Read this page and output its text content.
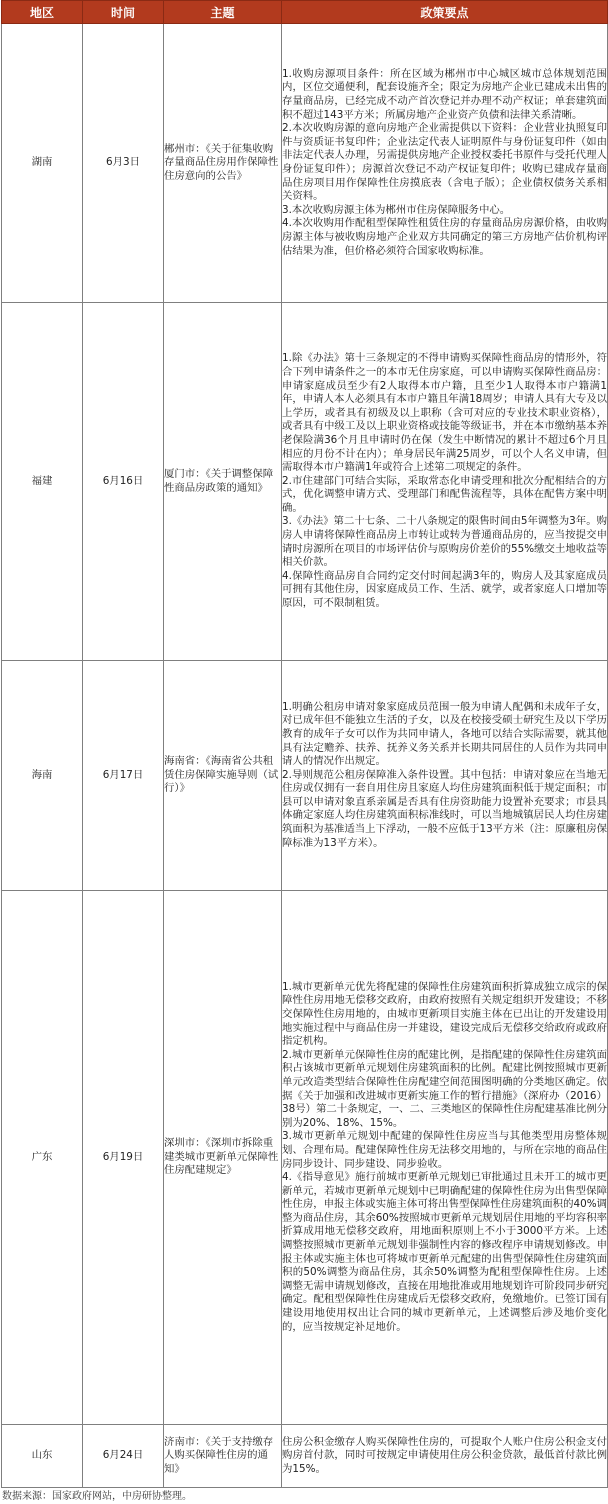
地区	时间	主题	政策要点
湖南	6月3日	郴州市：《关于征集收购存量商品住房用作保障性住房意向的公告》	1.收购房源项目条件：所在区域为郴州市中心城区城市总体规划范围内，区位交通便利，配套设施齐全；限定为房地产企业已建成未出售的存量商品房，已经完成不动产首次登记并办理不动产权证；单套建筑面积不超过143平方米；所属房地产企业资产负债和法律关系清晰。

2.本次收购房源的意向房地产企业需提供以下资料：企业营业执照复印件与资质证书复印件；企业法定代表人证明原件与身份证复印件（如由非法定代表人办理，另需提供房地产企业授权委托书原件与受托代理人身份证复印件）；房源首次登记不动产权证复印件；收购已建成存量商品住房项目用作保障性住房摸底表（含电子版）；企业债权债务关系相关资料。

3.本次收购房源主体为郴州市住房保障服务中心。

4.本次收购用作配租型保障性租赁住房的存量商品房房源价格，由收购房源主体与被收购房地产企业双方共同确定的第三方房地产估价机构评估结果为准，但价格必须符合国家收购标准。

福建	6月16日	厦门市：《关于调整保障性商品房政策的通知》	1.除《办法》第十三条规定的不得申请购买保障性商品房的情形外，符合下列申请条件之一的本市无住房家庭，可以申请购买保障性商品房：申请家庭成员至少有2人取得本市户籍，且至少1人取得本市户籍满1年，申请人本人必须具有本市户籍且年满18周岁；申请人具有大专及以上学历，或者具有初级及以上职称（含可对应的专业技术职业资格），或者具有中级工及以上职业资格或技能等级证书，并在本市缴纳基本养老保险满36个月且申请时仍在保（发生中断情况的累计不超过6个月且相应的月份不计在内）；单身居民年满25周岁，可以个人名义申请，但需取得本市户籍满1年或符合上述第二项规定的条件。

2.市住建部门可结合实际，采取常态化申请受理和批次分配相结合的方式，优化调整申请方式、受理部门和配售流程等，具体在配售方案中明确。

3.《办法》第二十七条、二十八条规定的限售时间由5年调整为3年。购房人申请将保障性商品房上市转让或转为普通商品房的，应当按提交申请时房源所在项目的市场评估价与原购房价差价的55%缴交土地收益等相关价款。

4.保障性商品房自合同约定交付时间起满3年的，购房人及其家庭成员可拥有其他住房，因家庭成员工作、生活、就学，或者家庭人口增加等原因，可不限制租赁。

海南	6月17日	海南省：《海南省公共租赁住房保障实施导则（试行）》	1.明确公租房申请对象家庭成员范围一般为申请人配偶和未成年子女，对已成年但不能独立生活的子女，以及在校接受硕士研究生及以下学历教育的成年子女可以作为共同申请人，各地可以结合实际需要，就其他具有法定赡养、扶养、抚养义务关系并长期共同居住的人员作为共同申请人的情况作出规定。

2.导则规范公租房保障准入条件设置。其中包括：申请对象应在当地无住房或仅拥有一套自用住房且家庭人均住房建筑面积低于规定面积；市县可以申请对象直系亲属是否具有住房资助能力设置补充要求；市县具体确定家庭人均住房建筑面积标准线时，可以当地城镇居民人均住房建筑面积为基准适当上下浮动，一般不应低于13平方米（注：原廉租房保障标准为13平方米）。

广东	6月19日	深圳市：《深圳市拆除重建类城市更新单元保障性住房配建规定》	1.城市更新单元优先将配建的保障性住房建筑面积折算成独立成宗的保障性住房用地无偿移交政府，由政府按照有关规定组织开发建设；不移交保障性住房用地的，由城市更新项目实施主体在已出让的开发建设用地实施过程中与商品住房一并建设，建设完成后无偿移交给政府或政府指定机构。

2.城市更新单元保障性住房的配建比例，是指配建的保障性住房建筑面积占该城市更新单元规划住房建筑面积的比例。配建比例按照城市更新单元改造类型结合保障性住房配建空间范围图明确的分类地区确定。依据《关于加强和改进城市更新实施工作的暂行措施》（深府办（2016）38号）第二十条规定，一、二、三类地区的保障性住房配建基准比例分别为20%、18%、15%。

3.城市更新单元规划中配建的保障性住房应当与其他类型用房整体规划、合理布局。配建保障性住房无法移交用地的，与所在宗地的商品住房同步设计、同步建设、同步验收。

4.《指导意见》施行前城市更新单元规划已审批通过且未开工的城市更新单元，若城市更新单元规划中已明确配建的保障性住房为出售型保障性住房，申报主体或实施主体可将出售型保障性住房建筑面积的40%调整为商品住房，其余60%按照城市更新单元规划居住用地的平均容积率折算成用地无偿移交政府，用地面积原则上不小于3000平方米。上述调整按照城市更新单元规划非强制性内容的修改程序申请规划修改。申报主体或实施主体也可将城市更新单元配建的出售型保障性住房建筑面积的50%调整为商品住房，其余50%调整为配租型保障性住房。上述调整无需申请规划修改，直接在用地批准或用地规划许可阶段同步研究确定。配租型保障性住房建成后无偿移交政府，免缴地价。已签订国有建设用地使用权出让合同的城市更新单元，上述调整后涉及地价变化的，应当按规定补足地价。

山东	6月24日	济南市：《关于支持缴存人购买保障性住房的通知》	住房公积金缴存人购买保障性住房的，可提取个人账户住房公积金支付购房首付款，同时可按规定申请使用住房公积金贷款，最低首付款比例为15%。

数据来源：国家政府网站，中房研协整理。
